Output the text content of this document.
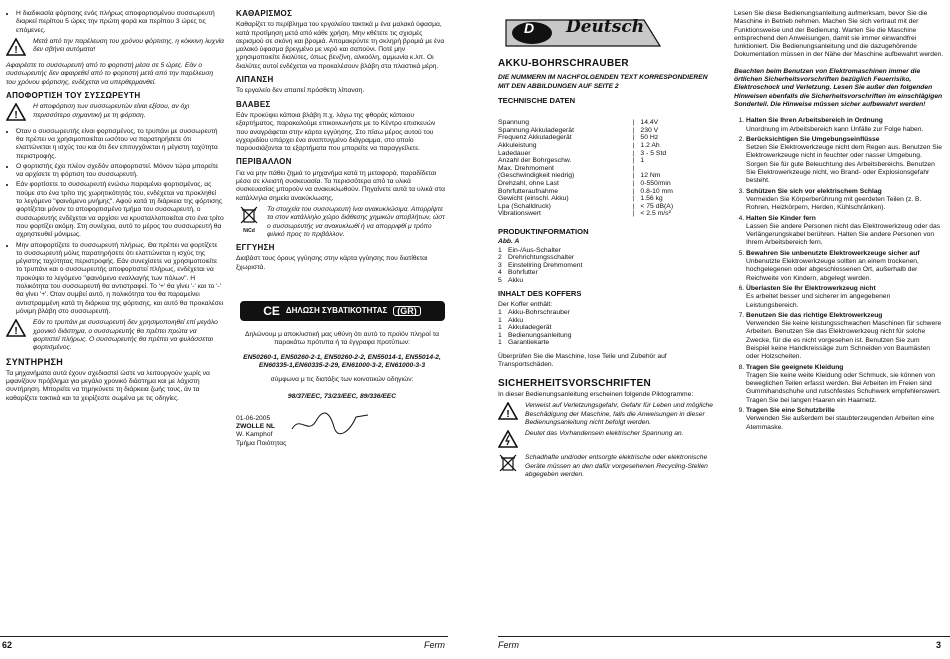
• Η διαδικασία φόρτισης ενός πλήρως αποφορτισμένου συσσωρευτή διαρκεί περίπου 5 ώρες την πρώτη φορά και περίπου 3 ώρες τις επόμενες.
!
Μετά από την παρέλευση του χρόνου φόρτισης, η κόκκινη λυχνία δεν σβήνει αυτόματα!

Αφαιρέστε το συσσωρευτή από το φορτιστή μέσα σε 5 ώρες. Εάν ο συσσωρευτής δεν αφαιρεθεί από το φορτιστή μετά από την παρέλευση του χρόνου φόρτισης, ενδέχεται να υπερθερμανθεί.

ΑΠΟΦΟΡΤΙΣΗ ΤΟΥ ΣΥΣΣΩΡΕΥΤΗ
!
Η αποφόρτιση των συσσωρευτών είναι εξίσου, αν όχι περισσότερο σημαντική με τη φόρτιση.
• Όταν ο συσσωρευτής είναι φορτισμένος, το τρυπάνι με συσσωρευτή θα πρέπει να χρησιμοποιείται ωσότου να παρατηρήσετε ότι ελαττώνεται η ισχύς του και ότι δεν επιτυγχάνεται η μέγιστη ταχύτητα περιστροφής.
• Ο φορτιστής έχει πλέον σχεδόν αποφορτιστεί. Μόνον τώρα μπορείτε να αρχίσετε τη φόρτιση του συσσωρευτή.
• Εάν φορτίσετε το συσσωρευτή ενώσω παραμένει φορτισμένος, ας πούμε στο ένα τρίτο της χωρητικότητάς του, ενδέχεται να προκληθεί το λεγόμενο "φαινόμενο μνήμης". Αφού κατά τη διάρκεια της φόρτισης φορτίζεται μόνον το αποφορτισμένο τμήμα του συσσωρευτή, ο συσσωρευτής ενδέχεται να αρχίσει να κρυσταλλοποιείται στο ένα τρίτο που φορτίζει ακόμη. Στη συνέχεια, αυτό το μέρος του συσσωρευτή θα αχρηστευθεί μόνιμως.
• Μην αποφορτίζετε το συσσωρευτή πλήρως. Θα πρέπει να φορτίζετε το συσσωρευτή μόλις παρατηρήσετε ότι ελαττώνεται η ισχύς της μέγιστης ταχύτητας περιστροφής. Εάν συνεχίσετε να χρησιμοποιείτε το τρυπάνι και ο συσσωρευτής αποφορτιστεί πλήρως, ενδέχεται να προκύψει το λεγόμενο "φαινόμενο εναλλαγής των πόλων". Η πολικότητα του συσσωρευτή θα αντιστραφεί. Το '+' θα γίνει '-' και το '-' θα γίνει '+'. Όταν συμβεί αυτό, η πολικότητα του θα παραμείνει αντιστραμμένη κατά τη διάρκεια της φόρτισης, και αυτό θα προκαλέσει μόνιμη βλάβη στο συσσωρευτή.
!
Εάν το τρυπάνι με συσσωρευτή δεν χρησιμοποιηθεί επί μεγάλο χρονικό διάστημα, ο συσσωρευτής θα πρέπει πρώτα να φορτιστεί πλήρως. Ο συσσωρευτής θα πρέπει να φυλάσσεται φορτισμένος.
ΣΥΝΤΗΡΗΣΗ

Τα μηχανήματα αυτά έχουν σχεδιαστεί ώστε να λειτουργούν χωρίς να μφανίζουν πρόβλημα για μεγάλο χρονικό διάστημα και με λάχιστη συντήρηση. Μπορείτε να τημηκύνετε τη διάρκεια ζωής τους, άν τα καθαρίζετε τακτικά και τα χειρίζεστε σωμένα με τις οδηγίες.

ΚΑΘΑΡΙΣΜΟΣ

Καθαρίζετ το περίβλημα του εργαλείου τακτικά μ ένα μαλακό ύφασμα, κατά προτίμηση μετά από κάθε χρήση. Μην κθέτετε τις σχισμές αερισμού σε σκόνη και βρομιά. Απομακρύντε τη σκληρή βρομιά με ένα μαλακό ύφασμα βρεγμένο με νερό και σαπούνι. Ποτέ μην χρησιμοποιείτε διαλύτες, όπως βενζίνη, αλκοόλη, αμμωνία κ.λπ. Οι διαλύτες αυτοί ενδέχεται να προκαλέσουν βλάβη στα πλαστικά μέρη.

ΛΙΠΑΝΣΗ

Το εργαλείο δεν απαιτεί πρόσθετη λίπανση.

ΒΛΑΒΕΣ

Εάν προκύψει κάποια βλάβη π.χ. λόγω της φθοράς κάποιου εξαρτήματος, παρακαλούμε επικοινωνήστε με το Κέντρο επισκευών που αναγράφεται στην κάρτα εγγύησης. Στο πίσω μέρος αυτού του εγχειριδίου υπάρχει ένα αναπτυγμένο διάγραμμα, στο οποίο παρουσιάζονται τα εξαρτήματα που μπορείτε να παραγγείλετε.

ΠΕΡΙΒΑΛΛΟΝ

Για να μην πάθει ζημιά το μηχανήμα κατά τη μεταφορά, παραδίδεται μέσα σε κλειστή συσκευασία. Τα περισσότερα από τα υλικά συσκευασίας μπορούν να ανακυκλωθούν. Πηγαίνετε αυτά τα υλικά στα κατάλληλα σημεία ανακύκλωσης.

NiCd
Τα στοιχεία του συσσωρευτή ίναι ανακυκλώσιμα. Απορρίψτε τα στον κατάλληλο χώρο διάθεσης χημικών αποβλήτων, ώστ ο συσσωρευτής να ανακυκλωθί ή να απορριφθί μ τρόπο φιλικό προς το πριβάλλον.
ΕΓΓΥΗΣΗ

Διαβάστ τους όρους γγύησης στην κάρτα γγύησης που διατίθεται ξχωριστά.

CE ΔΗΛΩΣΗ ΣΥΒΑΤΙΚΟΤΗΤΑΣ	(GR)

Δηλώνουμ μ αποκλιστική μας υθύνη ότι αυτό το προϊόν πληροί τα παρακάτω πρότυπα ή τα έγγραφα προτύπων:

EN50260-1, EN50260-2-1, EN50260-2-2, EN55014-1, EN55014-2, EN60335-1,EN60335-2-29, EN61000-3-2, EN61000-3-3

σύμφωνα μ τις διατάξις των κοινοτικών οδηγιών:

98/37/EEC, 73/23/EEC, 89/336/EEC

01-06-2005
ZWOLLE NL
W. Kamphof
Τμήμα Ποιότητας
D Deutsch
AKKU-BOHRSCHRAUBER

DIE NUMMERN IM NACHFOLGENDEN TEXT KORRESPONDIEREN MIT DEN ABBILDUNGEN AUF SEITE 2

TECHNISCHE DATEN
Spannung	|	14.4V
Spannung Akkuladegerät	|	230 V
Frequenz Akkuladegerät	|	50 Hz
Akkuleistung	|	1.2 Ah
Ladedauer	|	3 - 5 Std
Anzahl der Bohrgeschw.	|	1
Max. Drehmoment	|	
(Geschwindigkeit niedrig)	|	12 Nm
Drehzahl, ohne Last	|	0-550/min
Bohrfutteraufnahme	|	0.8-10 mm
Gewicht (einschl. Akku)	|	1.56 kg
Lpa (Schalldruck)	|	< 75 dB(A)
Vibrationswert	|	< 2.5 m/s²
PRODUKTINFORMATION
Abb. A
1	Ein-/Aus-Schalter
2	Drehrichtungsschalter
3	Einstellring Drehmoment
4	Bohrfutter
5	Akku
INHALT DES KOFFERS
Der Koffer enthält:
1	Akku-Bohrschrauber
1	Akku
1	Akkuladegerät
1	Bedienungsanleitung
1	Garantiekarte

Überprüfen Sie die Maschine, lose Teile und Zubehör auf Transportschäden.

SICHERHEITSVORSCHRIFTEN

In dieser Bedienungsanleitung erscheinen folgende Piktogramme:

!
Verweist auf Verletzungsgefahr, Gefahr für Leben und mögliche Beschädigung der Maschine, falls die Anweisungen in dieser Bedienungsanleitung nicht befolgt werden.
Deutet das Vorhandensein elektrischer Spannung an.
Schadhafte und/oder entsorgte elektrische oder elektronische Geräte müssen an den dafür vorgesehenen Recycling-Stellen abgegeben werden.

Lesen Sie diese Bedienungsanleitung aufmerksam, bevor Sie die Maschine in Betrieb nehmen. Machen Sie sich vertraut mit der Funktionsweise und der Bedienung. Warten Sie die Maschine entsprechend den Anweisungen, damit sie immer einwandfrei funktioniert. Die Bedienungsanleitung und die dazugehörende Dokumentation müssen in der Nähe der Maschine aufbewahrt werden.

Beachten beim Benutzen von Elektromaschinen immer die örtlichen Sicherheitsvorschriften bezüglich Feuerrisiko, Elektroschock und Verletzung. Lesen Sie außer den folgenden Hinweisen ebenfalls die Sicherheitsvorschriften im einschlägigen Sonderteil. Die Hinweise müssen sicher aufbewahrt werden!

1. Halten Sie Ihren Arbeitsbereich in Ordnung
Unordnung im Arbeitsbereich kann Unfälle zur Folge haben.
2. Berücksichtigen Sie Umgebungseinflüsse
Setzen Sie Elektrowerkzeuge nicht dem Regen aus. Benutzen Sie Elektrowerkzeuge nicht in feuchter oder nasser Umgebung. Sorgen Sie für gute Beleuchtung des Arbeitsbereichs. Benutzen Sie Elektrowerkzeuge nicht, wo Brand- oder Explosionsgefahr besteht.
3. Schützen Sie sich vor elektrischem Schlag
Vermeiden Sie Körperberührung mit geerdeten Teilen (z. B. Rohren, Heizkörpern, Herden, Kühlschränken).
4. Halten Sie Kinder fern
Lassen Sie andere Personen nicht das Elektrowerkzeug oder das Verlängerungskabel berühren. Halten Sie andere Personen von Ihrem Arbeitsbereich fern.
5. Bewahren Sie unbenutzte Elektrowerkzeuge sicher auf
Unbenutzte Elektrowerkzeuge sollten an einem trockenen, hochgelegenen oder abgeschlossenen Ort, außerhalb der Reichweite von Kindern, abgelegt werden.
6. Überlasten Sie Ihr Elektrowerkzeug nicht
Es arbeitet besser und sicherer im angegebenen Leistungsbereich.
7. Benutzen Sie das richtige Elektrowerkzeug
Verwenden Sie keine leistungsschwachen Maschinen für schwere Arbeiten. Benutzen Sie das Elektrowerkzeug nicht für solche Zwecke, für die es nicht vorgesehen ist. Benutzen Sie zum Beispiel keine Handkreissäge zum Schneiden von Baumästen oder Holzscheiten.
8. Tragen Sie geeignete Kleidung
Tragen Sie keine weite Kleidung oder Schmuck, sie können von beweglichen Teilen erfasst werden. Bei Arbeiten im Freien sind Gummihandschuhe und rutschfestes Schuhwerk empfehlenswert. Tragen Sie bei langen Haaren ein Haarnetz.
9. Tragen Sie eine Schutzbrille
Verwenden Sie außerdem bei staubterzeugenden Arbeiten eine Atemmaske.
62	Ferm	Ferm	3
